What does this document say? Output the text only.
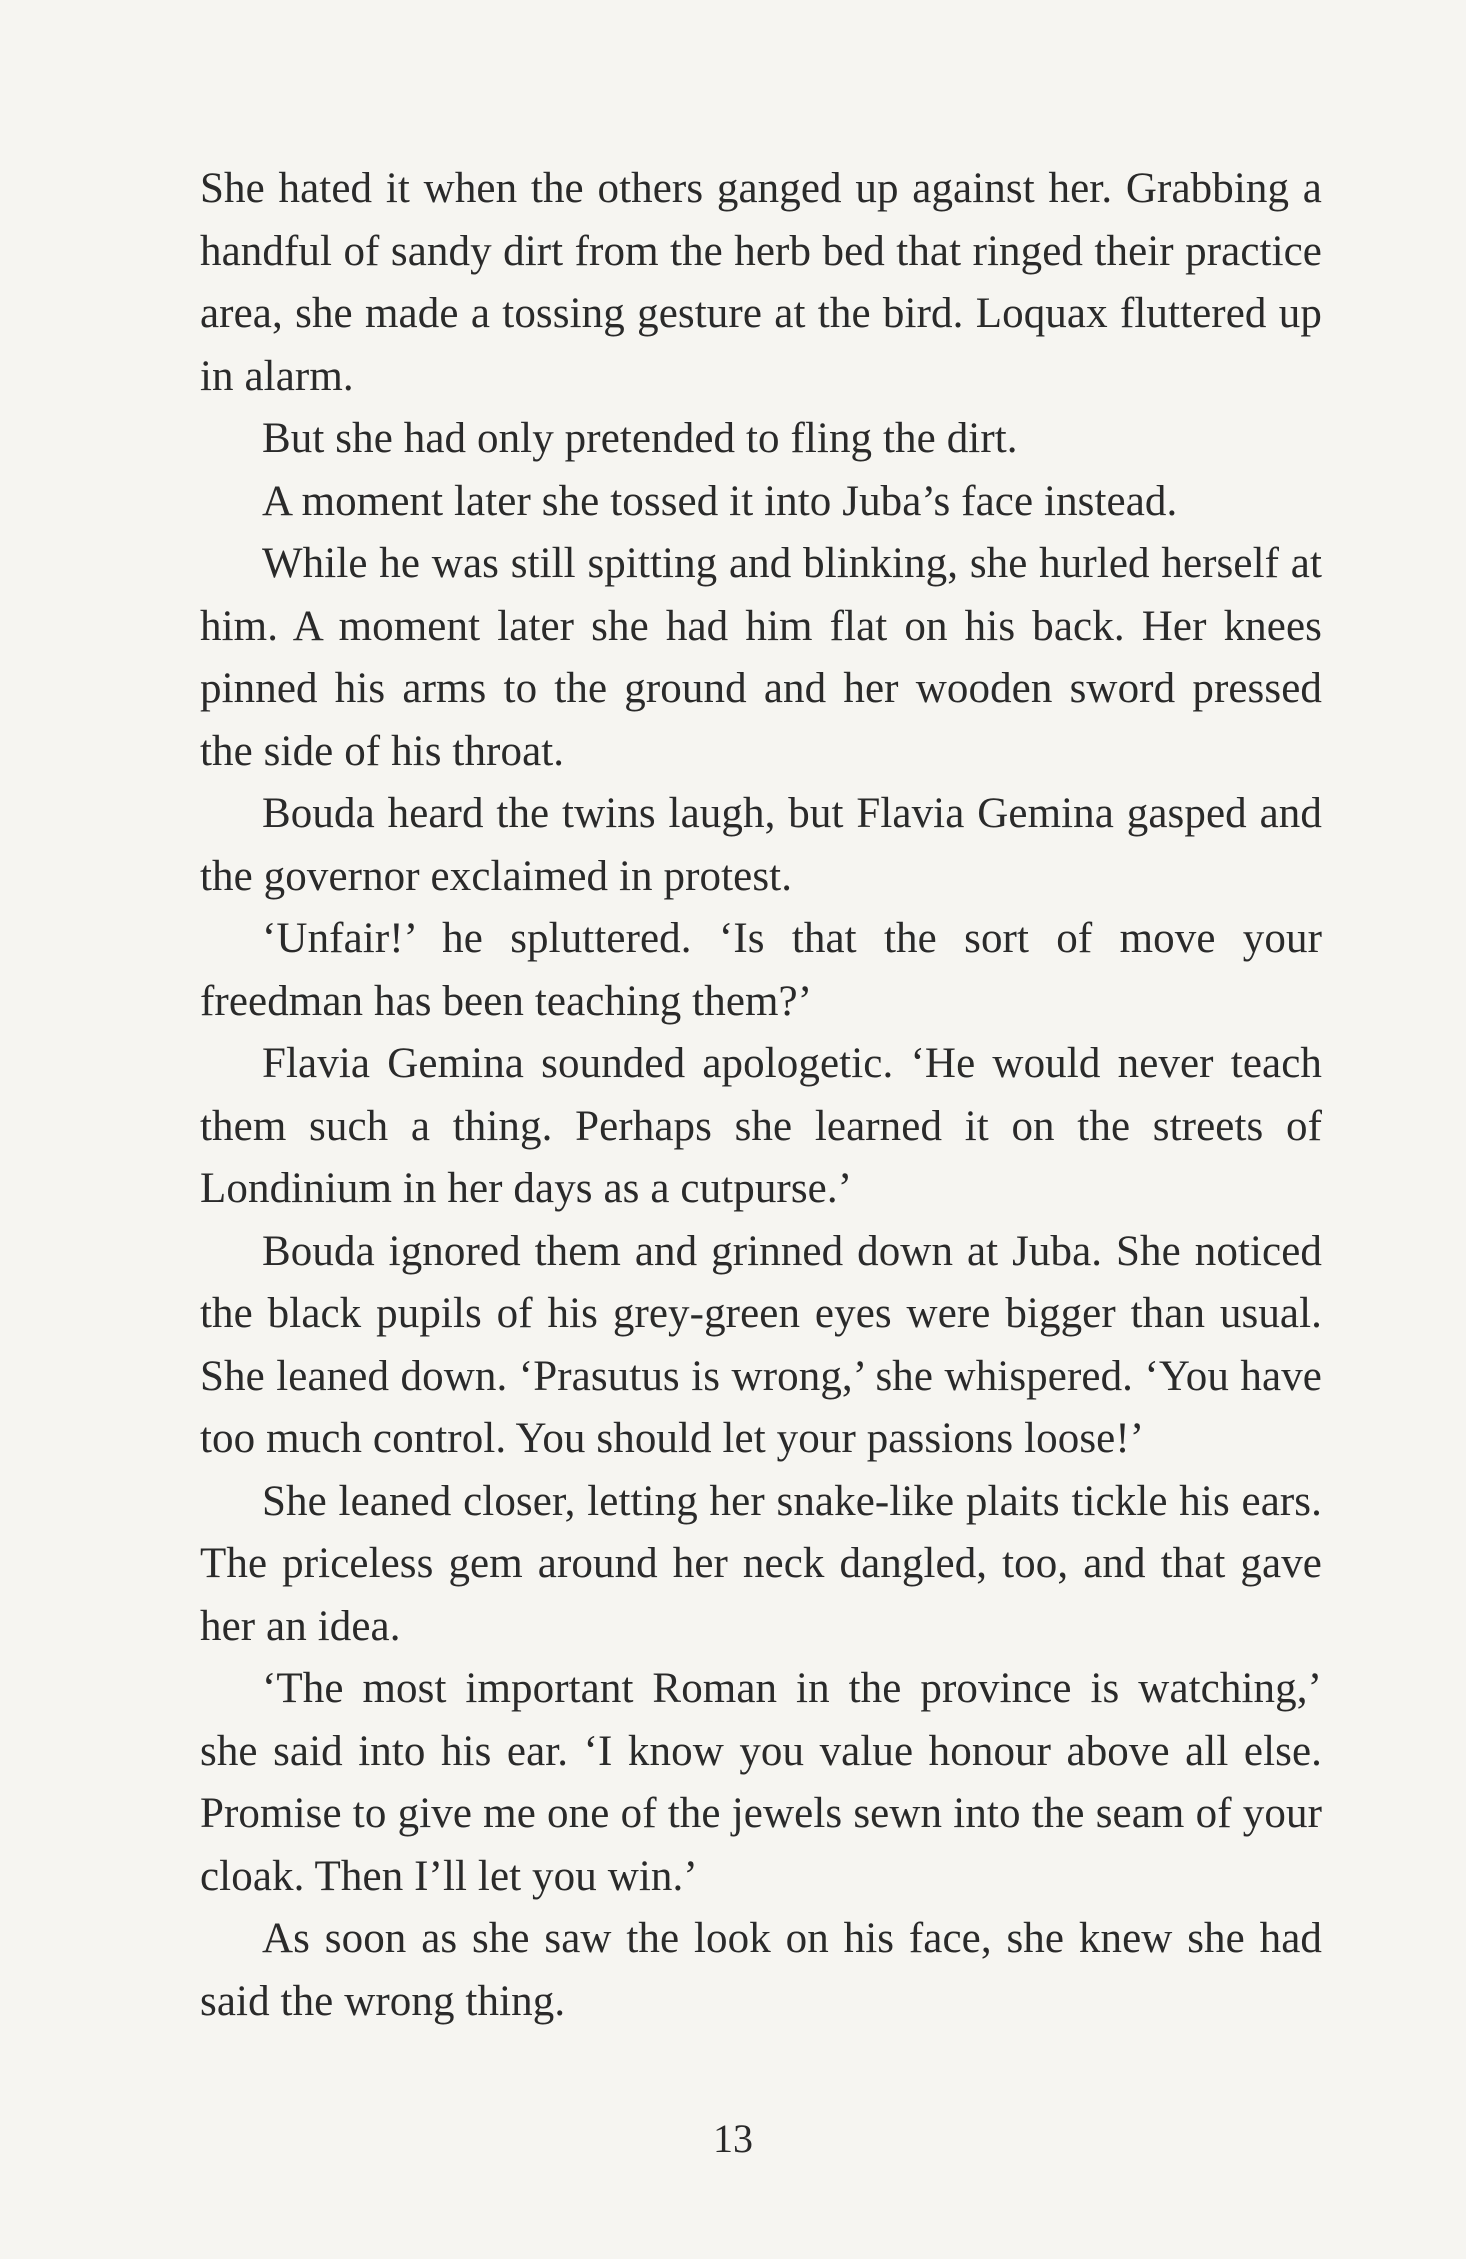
She hated it when the others ganged up against her. Grabbing a handful of sandy dirt from the herb bed that ringed their practice area, she made a tossing gesture at the bird. Loquax fluttered up in alarm.

But she had only pretended to fling the dirt.

A moment later she tossed it into Juba’s face instead.

While he was still spitting and blinking, she hurled herself at him. A moment later she had him flat on his back. Her knees pinned his arms to the ground and her wooden sword pressed the side of his throat.

Bouda heard the twins laugh, but Flavia Gemina gasped and the governor exclaimed in protest.

‘Unfair!’ he spluttered. ‘Is that the sort of move your freedman has been teaching them?’

Flavia Gemina sounded apologetic. ‘He would never teach them such a thing. Perhaps she learned it on the streets of Londinium in her days as a cutpurse.’

Bouda ignored them and grinned down at Juba. She noticed the black pupils of his grey-green eyes were bigger than usual. She leaned down. ‘Prasutus is wrong,’ she whispered. ‘You have too much control. You should let your passions loose!’

She leaned closer, letting her snake-like plaits tickle his ears. The priceless gem around her neck dangled, too, and that gave her an idea.

‘The most important Roman in the province is watching,’ she said into his ear. ‘I know you value honour above all else. Promise to give me one of the jewels sewn into the seam of your cloak. Then I’ll let you win.’

As soon as she saw the look on his face, she knew she had said the wrong thing.

13
